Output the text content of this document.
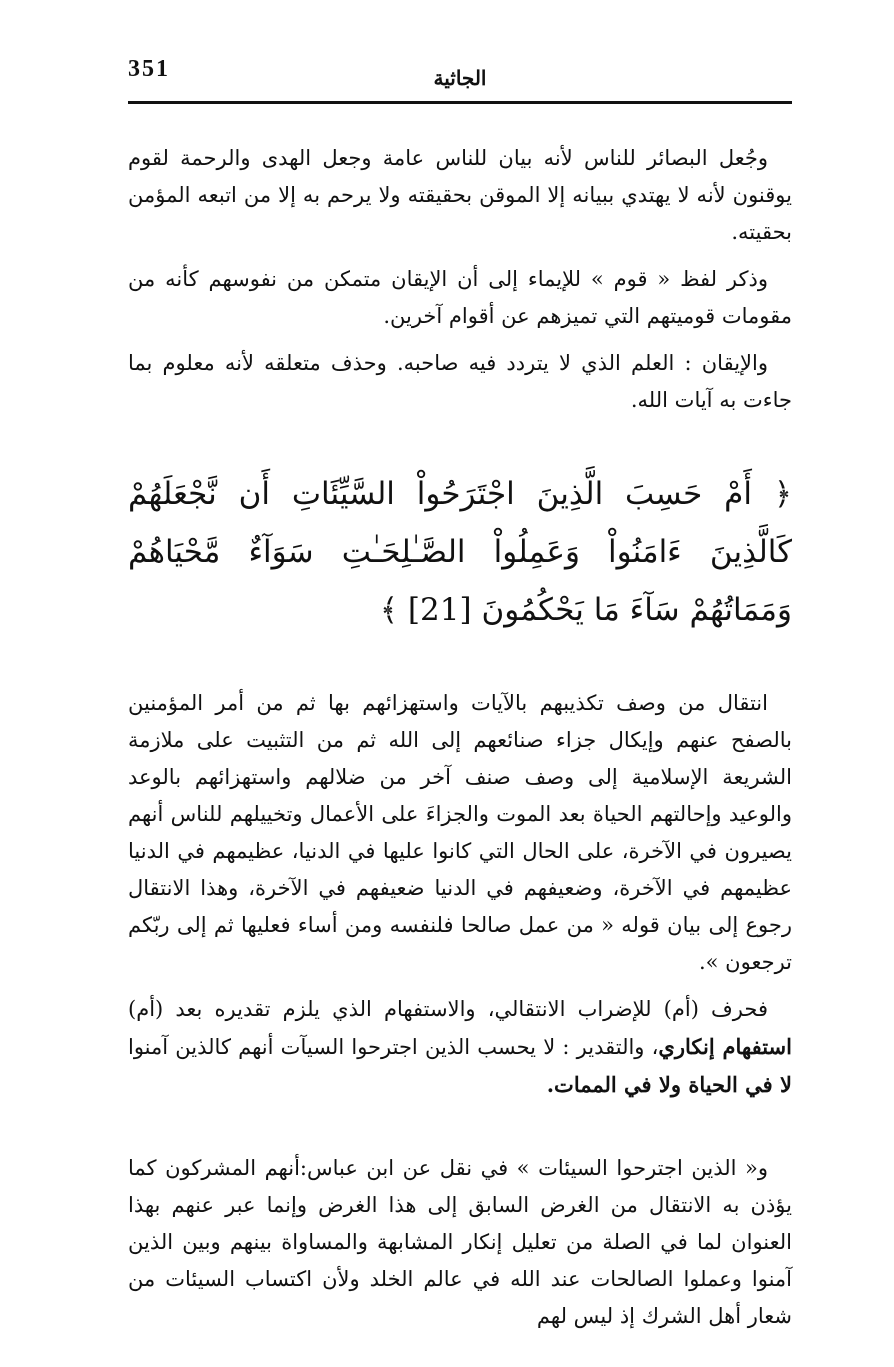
351	الجاثية

وجُعل البصائر للناس لأنه بيان للناس عامة وجعل الهدى والرحمة لقوم يوقنون لأنه لا يهتدي ببيانه إلا الموقن بحقيقته ولا يرحم به إلا من اتبعه المؤمن بحقيته.

وذكر لفظ « قوم » للإيماء إلى أن الإيقان متمكن من نفوسهم كأنه من مقومات قوميتهم التي تميزهم عن أقوام آخرين.

والإيقان : العلم الذي لا يتردد فيه صاحبه. وحذف متعلقه لأنه معلوم بما جاءت به آيات الله.

﴿ أَمْ حَسِبَ الَّذِينَ اجْتَرَحُواْ السَّيِّئَاتِ أَن نَّجْعَلَهُمْ كَالَّذِينَ ءَامَنُواْ وَعَمِلُواْ الصَّـٰلِحَـٰتِ سَوَآءٌ مَّحْيَاهُمْ وَمَمَاتُهُمْ سَآءَ مَا يَحْكُمُونَ [21] ﴾

انتقال من وصف تكذيبهم بالآيات واستهزائهم بها ثم من أمر المؤمنين بالصفح عنهم وإيكال جزاء صنائعهم إلى الله ثم من التثبيت على ملازمة الشريعة الإسلامية إلى وصف صنف آخر من ضلالهم واستهزائهم بالوعد والوعيد وإحالتهم الحياة بعد الموت والجزاءَ على الأعمال وتخييلهم للناس أنهم يصيرون في الآخرة، على الحال التي كانوا عليها في الدنيا، عظيمهم في الدنيا عظيمهم في الآخرة، وضعيفهم في الدنيا ضعيفهم في الآخرة، وهذا الانتقال رجوع إلى بيان قوله « من عمل صالحا فلنفسه ومن أساء فعليها ثم إلى ربّكم ترجعون ».

فحرف (أم) للإضراب الانتقالي، والاستفهام الذي يلزم تقديره بعد (أم) استفهام إنكاري، والتقدير : لا يحسب الذين اجترحوا السيآت أنهم كالذين آمنوا لا في الحياة ولا في الممات.

و« الذين اجترحوا السيئات » في نقل عن ابن عباس:أنهم المشركون كما يؤذن به الانتقال من الغرض السابق إلى هذا الغرض وإنما عبر عنهم بهذا العنوان لما في الصلة من تعليل إنكار المشابهة والمساواة بينهم وبين الذين آمنوا وعملوا الصالحات عند الله في عالم الخلد ولأن اكتساب السيئات من شعار أهل الشرك إذ ليس لهم
